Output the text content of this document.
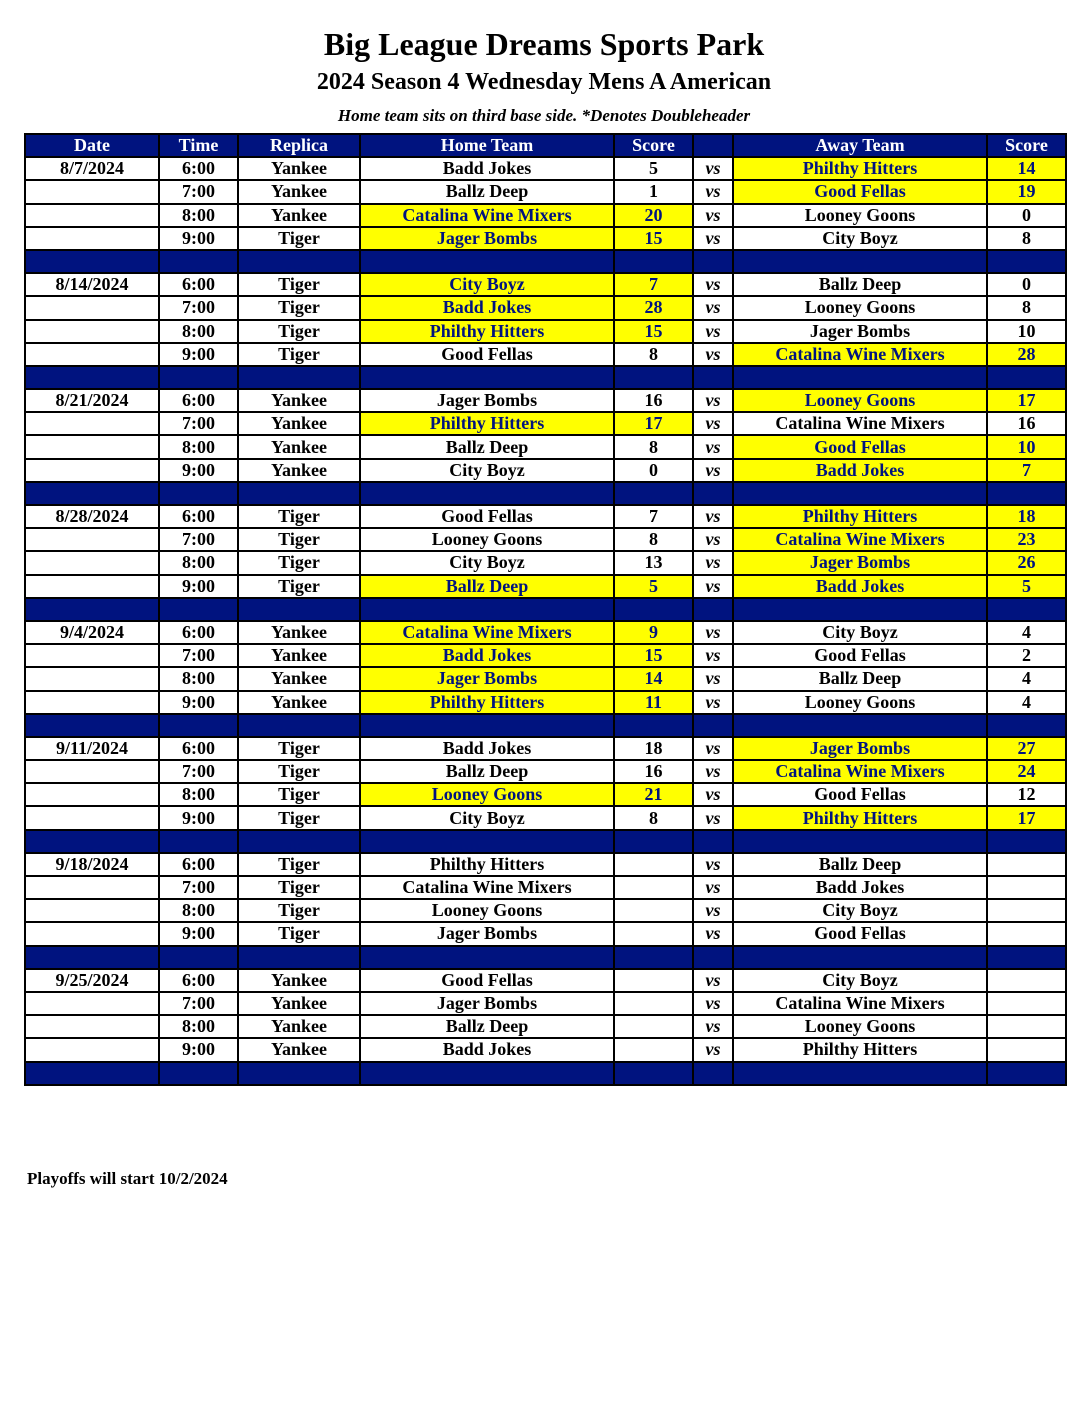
Big League Dreams Sports Park
2024 Season 4 Wednesday Mens A American
Home team sits on third base side. *Denotes Doubleheader
Date	Time	Replica	Home Team	Score		Away Team	Score
8/7/2024	6:00	Yankee	Badd Jokes	5	vs	Philthy Hitters	14
	7:00	Yankee	Ballz Deep	1	vs	Good Fellas	19
	8:00	Yankee	Catalina Wine Mixers	20	vs	Looney Goons	0
	9:00	Tiger	Jager Bombs	15	vs	City Boyz	8

8/14/2024	6:00	Tiger	City Boyz	7	vs	Ballz Deep	0
	7:00	Tiger	Badd Jokes	28	vs	Looney Goons	8
	8:00	Tiger	Philthy Hitters	15	vs	Jager Bombs	10
	9:00	Tiger	Good Fellas	8	vs	Catalina Wine Mixers	28

8/21/2024	6:00	Yankee	Jager Bombs	16	vs	Looney Goons	17
	7:00	Yankee	Philthy Hitters	17	vs	Catalina Wine Mixers	16
	8:00	Yankee	Ballz Deep	8	vs	Good Fellas	10
	9:00	Yankee	City Boyz	0	vs	Badd Jokes	7

8/28/2024	6:00	Tiger	Good Fellas	7	vs	Philthy Hitters	18
	7:00	Tiger	Looney Goons	8	vs	Catalina Wine Mixers	23
	8:00	Tiger	City Boyz	13	vs	Jager Bombs	26
	9:00	Tiger	Ballz Deep	5	vs	Badd Jokes	5

9/4/2024	6:00	Yankee	Catalina Wine Mixers	9	vs	City Boyz	4
	7:00	Yankee	Badd Jokes	15	vs	Good Fellas	2
	8:00	Yankee	Jager Bombs	14	vs	Ballz Deep	4
	9:00	Yankee	Philthy Hitters	11	vs	Looney Goons	4

9/11/2024	6:00	Tiger	Badd Jokes	18	vs	Jager Bombs	27
	7:00	Tiger	Ballz Deep	16	vs	Catalina Wine Mixers	24
	8:00	Tiger	Looney Goons	21	vs	Good Fellas	12
	9:00	Tiger	City Boyz	8	vs	Philthy Hitters	17

9/18/2024	6:00	Tiger	Philthy Hitters		vs	Ballz Deep	
	7:00	Tiger	Catalina Wine Mixers		vs	Badd Jokes	
	8:00	Tiger	Looney Goons		vs	City Boyz	
	9:00	Tiger	Jager Bombs		vs	Good Fellas	

9/25/2024	6:00	Yankee	Good Fellas		vs	City Boyz	
	7:00	Yankee	Jager Bombs		vs	Catalina Wine Mixers	
	8:00	Yankee	Ballz Deep		vs	Looney Goons	
	9:00	Yankee	Badd Jokes		vs	Philthy Hitters	

Playoffs will start 10/2/2024
